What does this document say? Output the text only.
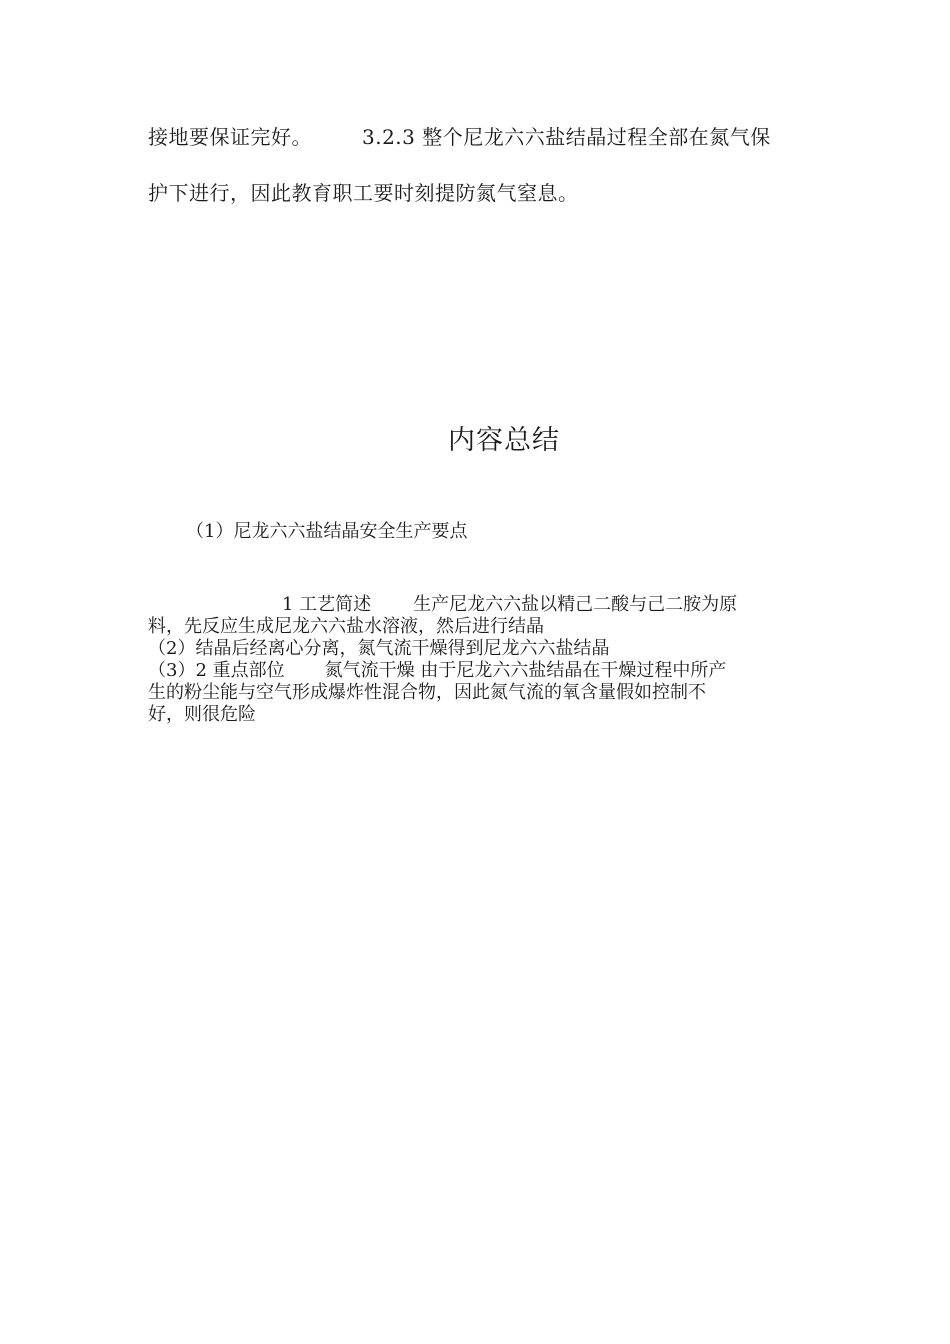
接地要保证完好。	3.2.3 整个尼龙六六盐结晶过程全部在氮气保
护下进行，因此教育职工要时刻提防氮气窒息。
内容总结
（1）尼龙六六盐结晶安全生产要点
1 工艺简述 生产尼龙六六盐以精己二酸与己二胺为原
料，先反应生成尼龙六六盐水溶液，然后进行结晶
（2）结晶后经离心分离，氮气流干燥得到尼龙六六盐结晶
（3）2 重点部位 氮气流干燥 由于尼龙六六盐结晶在干燥过程中所产
生的粉尘能与空气形成爆炸性混合物，因此氮气流的氧含量假如控制不
好，则很危险
